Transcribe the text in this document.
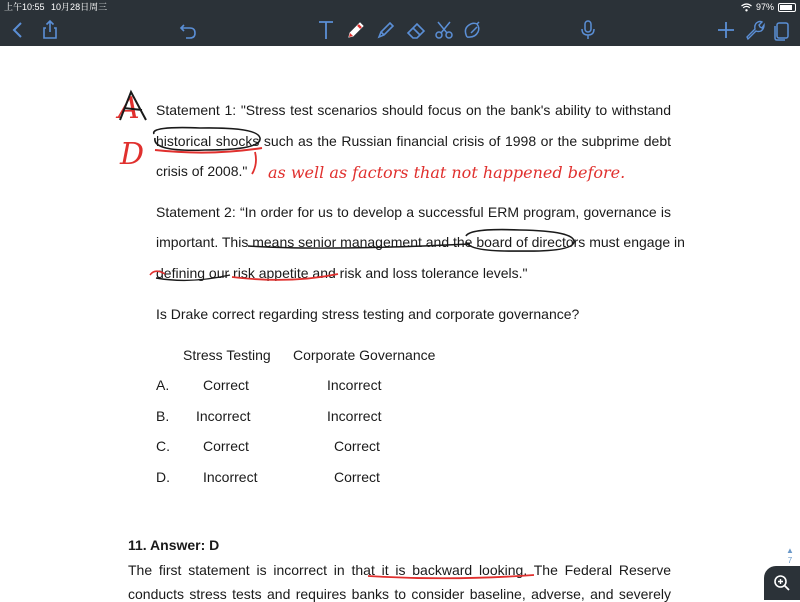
上午10:55 10月28日周三	97%
Statement 1: "Stress test scenarios should focus on the bank's ability to withstand
historical shocks such as the Russian financial crisis of 1998 or the subprime debt
crisis of 2008."
Statement 2: “In order for us to develop a successful ERM program, governance is
important. This means senior management and the board of directors must engage in
defining our risk appetite and risk and loss tolerance levels."
Is Drake correct regarding stress testing and corporate governance?
Stress Testing Corporate Governance
A. Correct	Incorrect
B. Incorrect	Incorrect
C. Correct	Correct
D. Incorrect	Correct
11. Answer: D
The first statement is incorrect in that it is backward looking. The Federal Reserve
conducts stress tests and requires banks to consider baseline, adverse, and severely
A
D
as well as factors that not happened before.
▲
7
